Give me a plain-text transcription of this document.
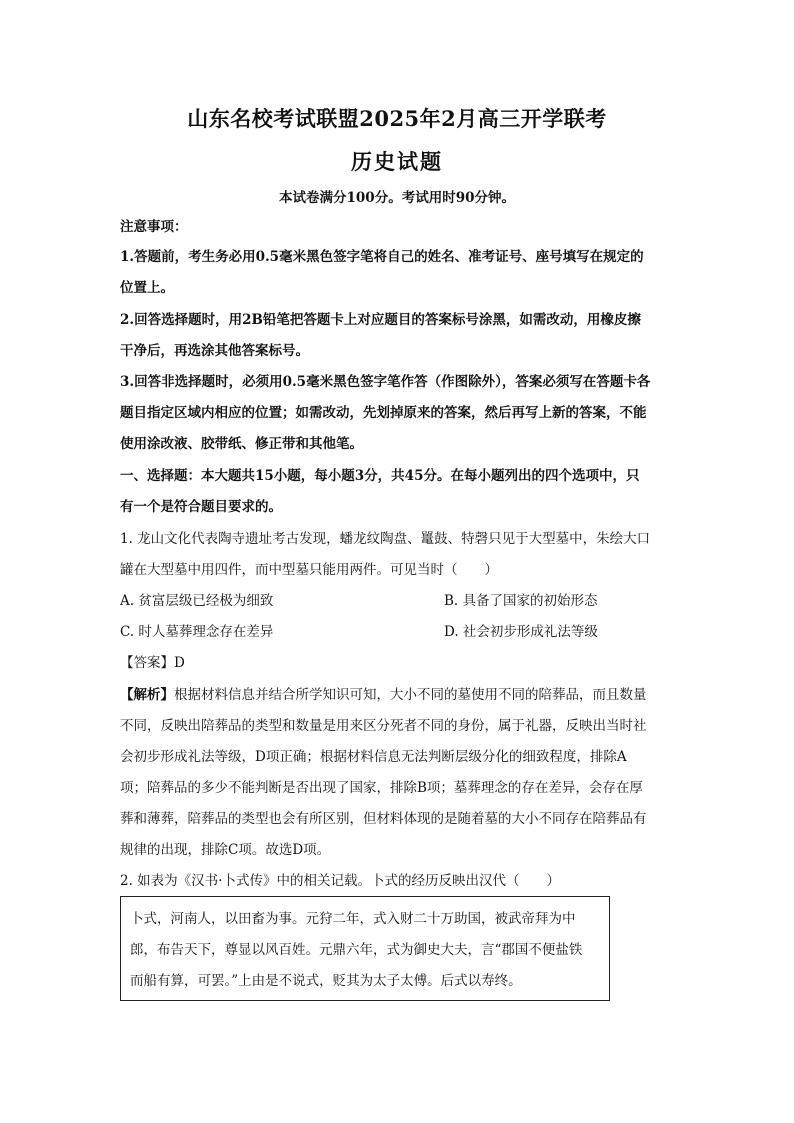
山东名校考试联盟2025年2月高三开学联考
历史试题
本试卷满分100分。考试用时90分钟。
注意事项：
1.答题前，考生务必用0.5毫米黑色签字笔将自己的姓名、准考证号、座号填写在规定的
位置上。
2.回答选择题时，用2B铅笔把答题卡上对应题目的答案标号涂黑，如需改动，用橡皮擦
干净后，再选涂其他答案标号。
3.回答非选择题时，必须用0.5毫米黑色签字笔作答（作图除外），答案必须写在答题卡各
题目指定区域内相应的位置；如需改动，先划掉原来的答案，然后再写上新的答案，不能
使用涂改液、胶带纸、修正带和其他笔。
一、选择题：本大题共15小题，每小题3分，共45分。在每小题列出的四个选项中，只
有一个是符合题目要求的。
1. 龙山文化代表陶寺遗址考古发现，蟠龙纹陶盘、鼍鼓、特磬只见于大型墓中，朱绘大口
罐在大型墓中用四件，而中型墓只能用两件。可见当时（　　）
A. 贫富层级已经极为细致	B. 具备了国家的初始形态
C. 时人墓葬理念存在差异	D. 社会初步形成礼法等级
【答案】D
【解析】根据材料信息并结合所学知识可知，大小不同的墓使用不同的陪葬品，而且数量
不同，反映出陪葬品的类型和数量是用来区分死者不同的身份，属于礼器，反映出当时社
会初步形成礼法等级，D项正确；根据材料信息无法判断层级分化的细致程度，排除A
项；陪葬品的多少不能判断是否出现了国家，排除B项；墓葬理念的存在差异，会存在厚
葬和薄葬，陪葬品的类型也会有所区别，但材料体现的是随着墓的大小不同存在陪葬品有
规律的出现，排除C项。故选D项。
2. 如表为《汉书·卜式传》中的相关记载。卜式的经历反映出汉代（　　）
卜式，河南人，以田畜为事。元狩二年，式入财二十万助国，被武帝拜为中
郎，布告天下，尊显以风百姓。元鼎六年，式为御史大夫，言“郡国不便盐铁
而船有算，可罢。”上由是不说式，贬其为太子太傅。后式以寿终。
